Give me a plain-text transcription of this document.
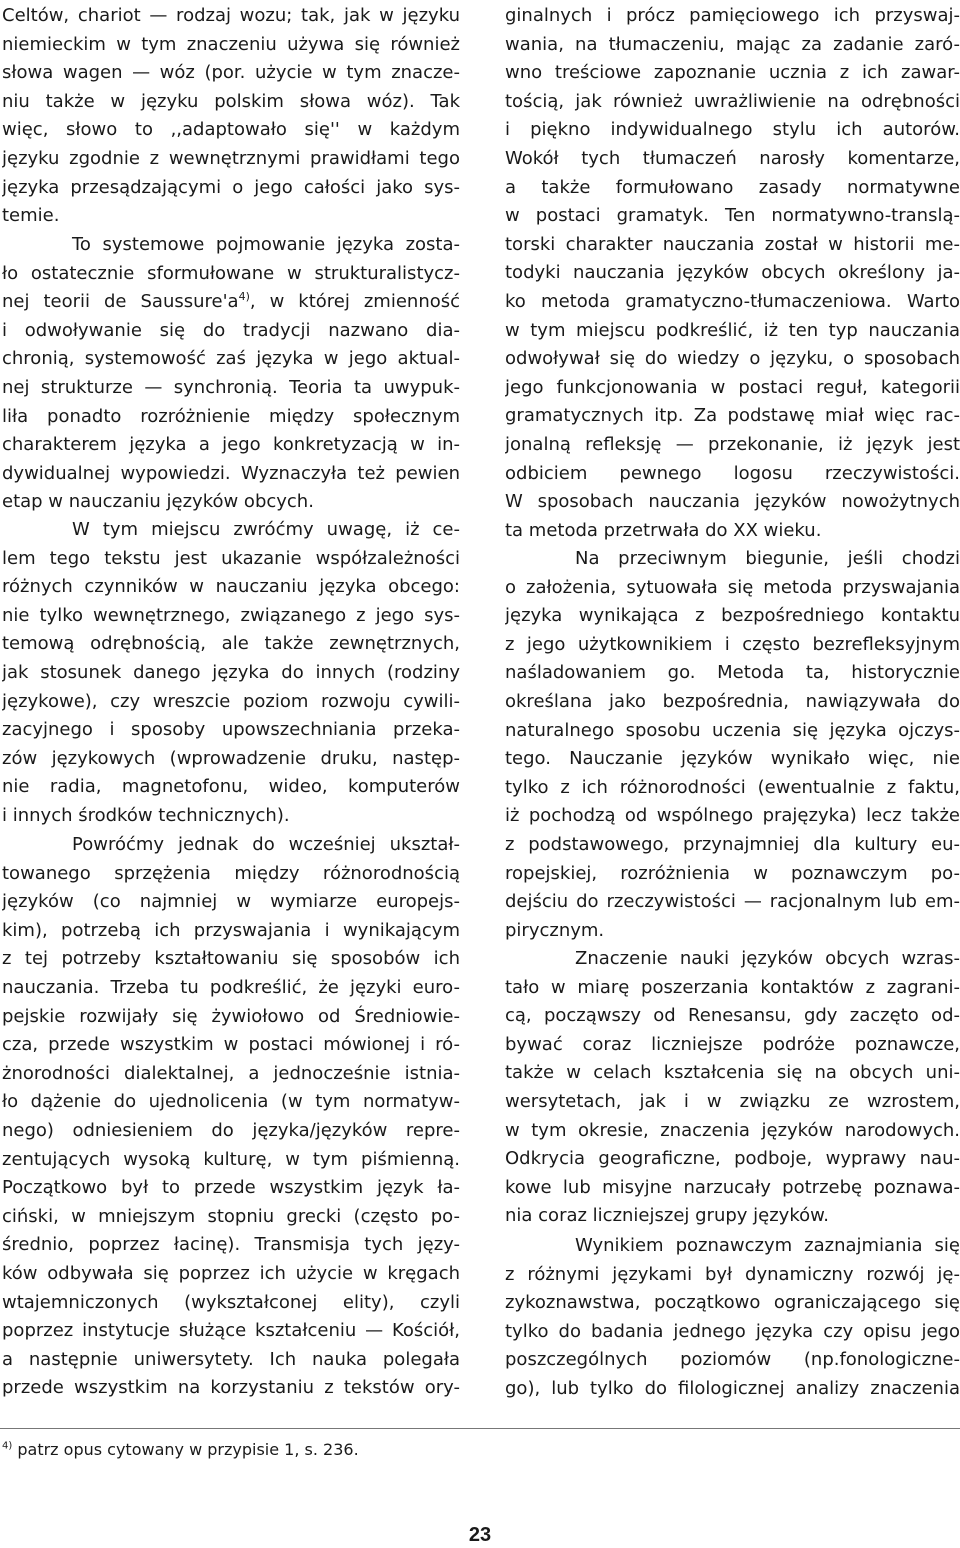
Celtów, chariot — rodzaj wozu; tak, jak w języku
niemieckim w tym znaczeniu używa się również
słowa wagen — wóz (por. użycie w tym znacze-
niu także w języku polskim słowa wóz). Tak
więc, słowo to ,,adaptowało się'' w każdym
języku zgodnie z wewnętrznymi prawidłami tego
języka przesądzającymi o jego całości jako sys-
temie.
To systemowe pojmowanie języka zosta-
ło ostatecznie sformułowane w strukturalistycz-
nej teorii de $Saussure'a^{4)}$, w której zmienność
i odwoływanie się do tradycji nazwano dia-
chronią, systemowość zaś języka w jego aktual-
nej strukturze — synchronią. Teoria ta uwypuk-
liła ponadto rozróżnienie między społecznym
charakterem języka a jego konkretyzacją w in-
dywidualnej wypowiedzi. Wyznaczyła też pewien
etap w nauczaniu języków obcych.
W tym miejscu zwróćmy uwagę, iż ce-
lem tego tekstu jest ukazanie współzależności
różnych czynników w nauczaniu języka obcego:
nie tylko wewnętrznego, związanego z jego sys-
temową odrębnością, ale także zewnętrznych,
jak stosunek danego języka do innych (rodziny
językowe), czy wreszcie poziom rozwoju cywili-
zacyjnego i sposoby upowszechniania przeka-
zów językowych (wprowadzenie druku, następ-
nie radia, magnetofonu, wideo, komputerów
i innych środków technicznych).
Powróćmy jednak do wcześniej ukształ-
towanego sprzężenia między różnorodnością
języków (co najmniej w wymiarze europejs-
kim), potrzebą ich przyswajania i wynikającym
z tej potrzeby kształtowaniu się sposobów ich
nauczania. Trzeba tu podkreślić, że języki euro-
pejskie rozwijały się żywiołowo od Średniowie-
cza, przede wszystkim w postaci mówionej i ró-
żnorodności dialektalnej, a jednocześnie istnia-
ło dążenie do ujednolicenia (w tym normatyw-
nego) odniesieniem do języka/języków repre-
zentujących wysoką kulturę, w tym piśmienną.
Początkowo był to przede wszystkim język ła-
ciński, w mniejszym stopniu grecki (często po-
średnio, poprzez łacinę). Transmisja tych języ-
ków odbywała się poprzez ich użycie w kręgach
wtajemniczonych (wykształconej elity), czyli
poprzez instytucje służące kształceniu — Kościół,
a następnie uniwersytety. Ich nauka polegała
przede wszystkim na korzystaniu z tekstów ory-
ginalnych i prócz pamięciowego ich przyswaj-
wania, na tłumaczeniu, mając za zadanie zaró-
wno treściowe zapoznanie ucznia z ich zawar-
tością, jak również uwrażliwienie na odrębności
i piękno indywidualnego stylu ich autorów.
Wokół tych tłumaczeń narosły komentarze,
a także formułowano zasady normatywne
w postaci gramatyk. Ten normatywno-translą-
torski charakter nauczania został w historii me-
todyki nauczania języków obcych określony ja-
ko metoda gramatyczno-tłumaczeniowa. Warto
w tym miejscu podkreślić, iż ten typ nauczania
odwoływał się do wiedzy o języku, o sposobach
jego funkcjonowania w postaci reguł, kategorii
gramatycznych itp. Za podstawę miał więc rac-
jonalną refleksję — przekonanie, iż język jest
odbiciem pewnego logosu rzeczywistości.
W sposobach nauczania języków nowożytnych
ta metoda przetrwała do XX wieku.
Na przeciwnym biegunie, jeśli chodzi
o założenia, sytuowała się metoda przyswajania
języka wynikająca z bezpośredniego kontaktu
z jego użytkownikiem i często bezrefleksyjnym
naśladowaniem go. Metoda ta, historycznie
określana jako bezpośrednia, nawiązywała do
naturalnego sposobu uczenia się języka ojczys-
tego. Nauczanie języków wynikało więc, nie
tylko z ich różnorodności (ewentualnie z faktu,
iż pochodzą od wspólnego prajęzyka) lecz także
z podstawowego, przynajmniej dla kultury eu-
ropejskiej, rozróżnienia w poznawczym po-
dejściu do rzeczywistości — racjonalnym lub em-
pirycznym.
Znaczenie nauki języków obcych wzras-
tało w miarę poszerzania kontaktów z zagrani-
cą, począwszy od Renesansu, gdy zaczęto od-
bywać coraz liczniejsze podróże poznawcze,
także w celach kształcenia się na obcych uni-
wersytetach, jak i w związku ze wzrostem,
w tym okresie, znaczenia języków narodowych.
Odkrycia geograficzne, podboje, wyprawy nau-
kowe lub misyjne narzucały potrzebę poznawa-
nia coraz liczniejszej grupy języków.
Wynikiem poznawczym zaznajmiania się
z różnymi językami był dynamiczny rozwój ję-
zykoznawstwa, początkowo ograniczającego się
tylko do badania jednego języka czy opisu jego
poszczególnych poziomów (np.fonologiczne-
go), lub tylko do filologicznej analizy znaczenia
$^{4)}$ patrz opus cytowany w przypisie 1, s. 236.
23
